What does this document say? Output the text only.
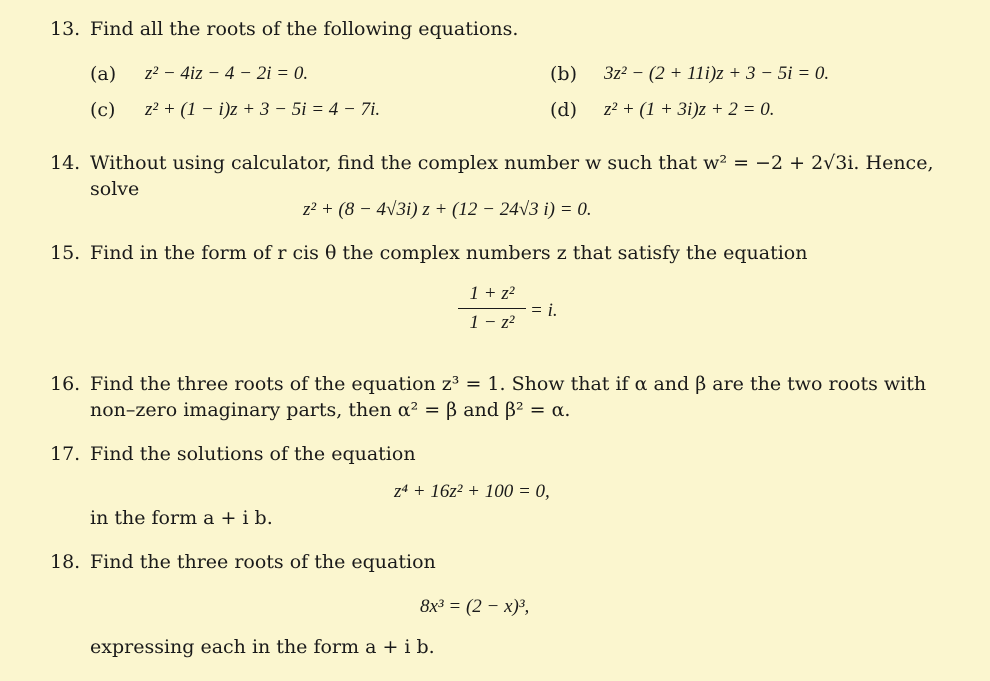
13. Find all the roots of the following equations.
(a) z² − 4iz − 4 − 2i = 0.	(b) 3z² − (2 + 11i)z + 3 − 5i = 0.
(c) z² + (1 − i)z + 3 − 5i = 4 − 7i.	(d) z² + (1 + 3i)z + 2 = 0.
14. Without using calculator, find the complex number w such that w² = −2 + 2√3i. Hence,
solve
z² + (8 − 4√3i) z + (12 − 24√3 i) = 0.
15. Find in the form of r cis θ the complex numbers z that satisfy the equation
1 + z²
1 − z²
= i.
16. Find the three roots of the equation z³ = 1. Show that if α and β are the two roots with
non–zero imaginary parts, then α² = β and β² = α.
17. Find the solutions of the equation
z⁴ + 16z² + 100 = 0,
in the form a + i b.
18. Find the three roots of the equation
8x³ = (2 − x)³,
expressing each in the form a + i b.
